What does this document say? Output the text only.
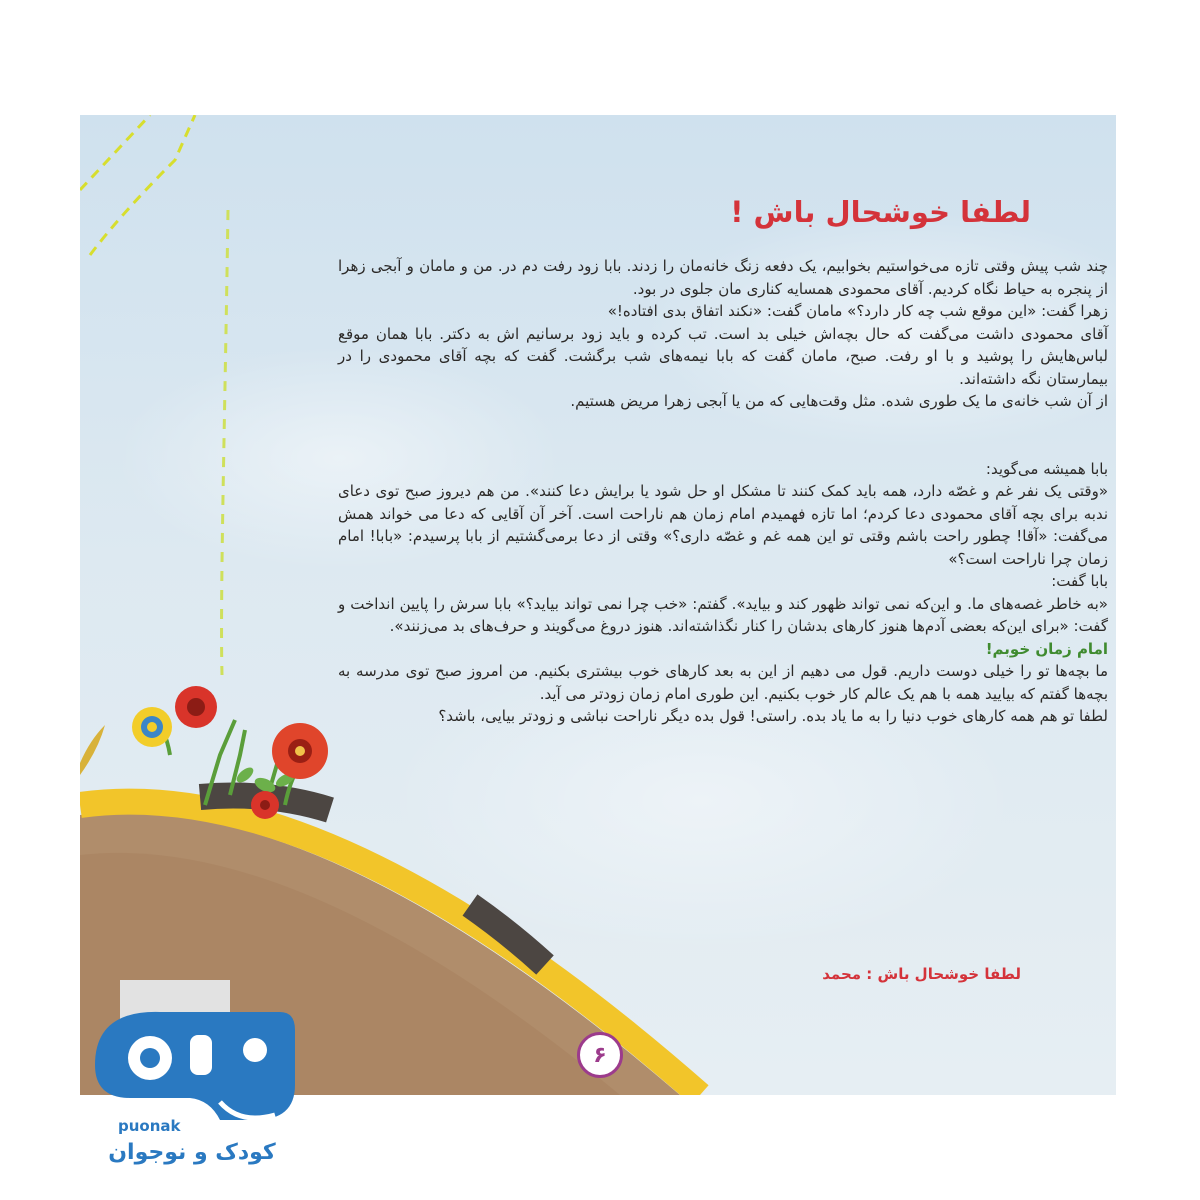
لطفا خوشحال باش !

چند شب پیش وقتی تازه می‌خواستیم بخوابیم، یک دفعه زنگ خانه‌مان را زدند. بابا زود رفت دم در. من و مامان و آبجی زهرا از پنجره به حیاط نگاه کردیم. آقای محمودی همسایه کناری مان جلوی در بود.

زهرا گفت: «این موقع شب چه کار دارد؟» مامان گفت: «نکند اتفاق بدی افتاده!»

آقای محمودی داشت می‌گفت که حال بچه‌اش خیلی بد است. تب کرده و باید زود برسانیم اش به دکتر. بابا همان موقع لباس‌هایش را پوشید و با او رفت. صبح، مامان گفت که بابا نیمه‌های شب برگشت. گفت که بچه آقای محمودی را در بیمارستان نگه داشته‌اند.

از آن شب خانه‌ی ما یک طوری شده. مثل وقت‌هایی که من یا آبجی زهرا مریض هستیم.

بابا همیشه می‌گوید:

«وقتی یک نفر غم و غصّه دارد، همه باید کمک کنند تا مشکل او حل شود یا برایش دعا کنند». من هم دیروز صبح توی دعای ندبه برای بچه آقای محمودی دعا کردم؛ اما تازه فهمیدم امام زمان هم ناراحت است. آخر آن آقایی که دعا می خواند همش می‌گفت: «آقا! چطور راحت باشم وقتی تو این همه غم و غصّه داری؟» وقتی از دعا برمی‌گشتیم از بابا پرسیدم: «بابا! امام زمان چرا ناراحت است؟»

بابا گفت:

«به خاطر غصه‌های ما. و این‌که نمی تواند ظهور کند و بیاید». گفتم: «خب چرا نمی تواند بیاید؟» بابا سرش را پایین انداخت و گفت: «برای این‌که بعضی آدم‌ها هنوز کارهای بدشان را کنار نگذاشته‌اند. هنوز دروغ می‌گویند و حرف‌های بد می‌زنند».

امام زمان خوبم!

ما بچه‌ها تو را خیلی دوست داریم. قول می دهیم از این به بعد کارهای خوب بیشتری بکنیم. من امروز صبح توی مدرسه به بچه‌ها گفتم که بیایید همه با هم یک عالم کار خوب بکنیم. این طوری امام زمان زودتر می آید.

لطفا تو هم همه کارهای خوب دنیا را به ما یاد بده. راستی! قول بده دیگر ناراحت نباشی و زودتر بیایی، باشد؟

لطفا خوشحال باش : محمد
۶
puonak
کودک و نوجوان
